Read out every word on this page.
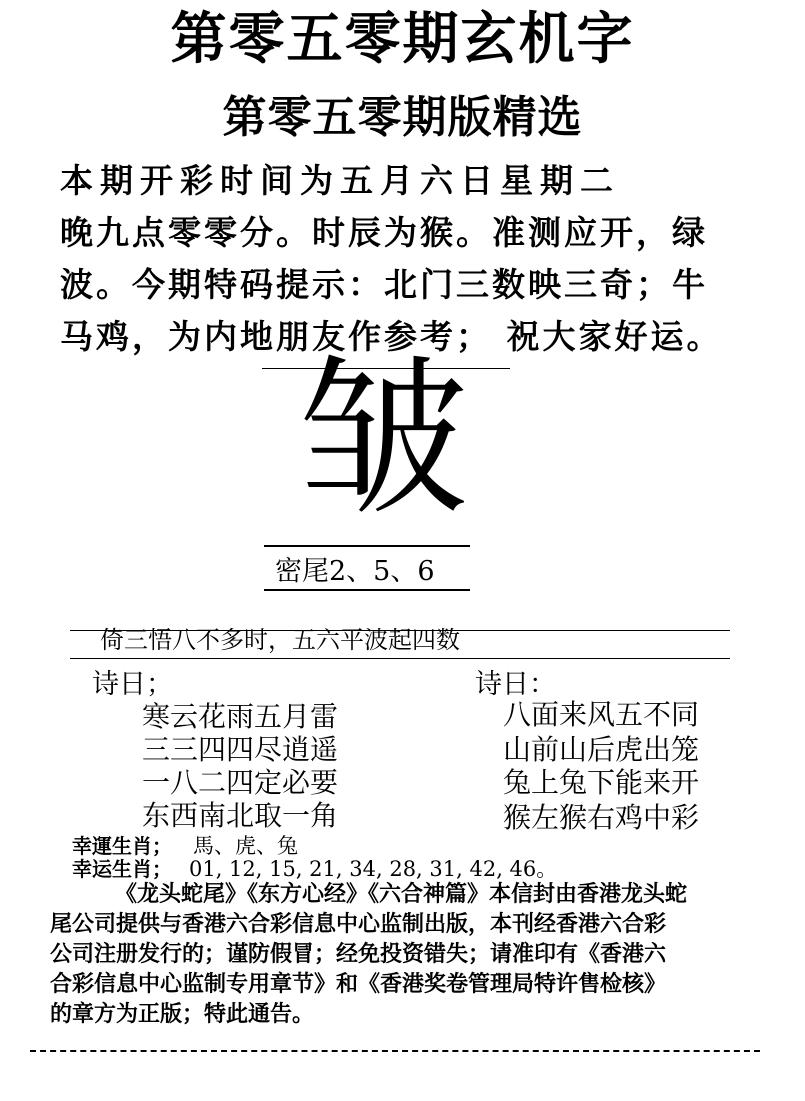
第零五零期玄机字
第零五零期版精选
本期开彩时间为五月六日星期二
晚九点零零分。时辰为猴。准测应开，绿
波。今期特码提示：北门三数映三奇；牛
马鸡，为内地朋友作参考； 祝大家好运。
皱
密尾2、5、6
倚三悟八不多时，五六平波起四数
诗日；
寒云花雨五月雷
三三四四尽逍遥
一八二四定必要
东西南北取一角
诗日：
八面来风五不同
山前山后虎出笼
兔上兔下能来开
猴左猴右鸡中彩
幸運生肖； 馬、虎、兔
幸运生肖； 01, 12, 15, 21, 34, 28, 31, 42, 46。
《龙头蛇尾》《东方心经》《六合神篇》本信封由香港龙头蛇
尾公司提供与香港六合彩信息中心监制出版，本刊经香港六合彩
公司注册发行的；谨防假冒；经免投资错失；请准印有《香港六
合彩信息中心监制专用章节》和《香港奖卷管理局特许售检核》
的章方为正版；特此通告。
